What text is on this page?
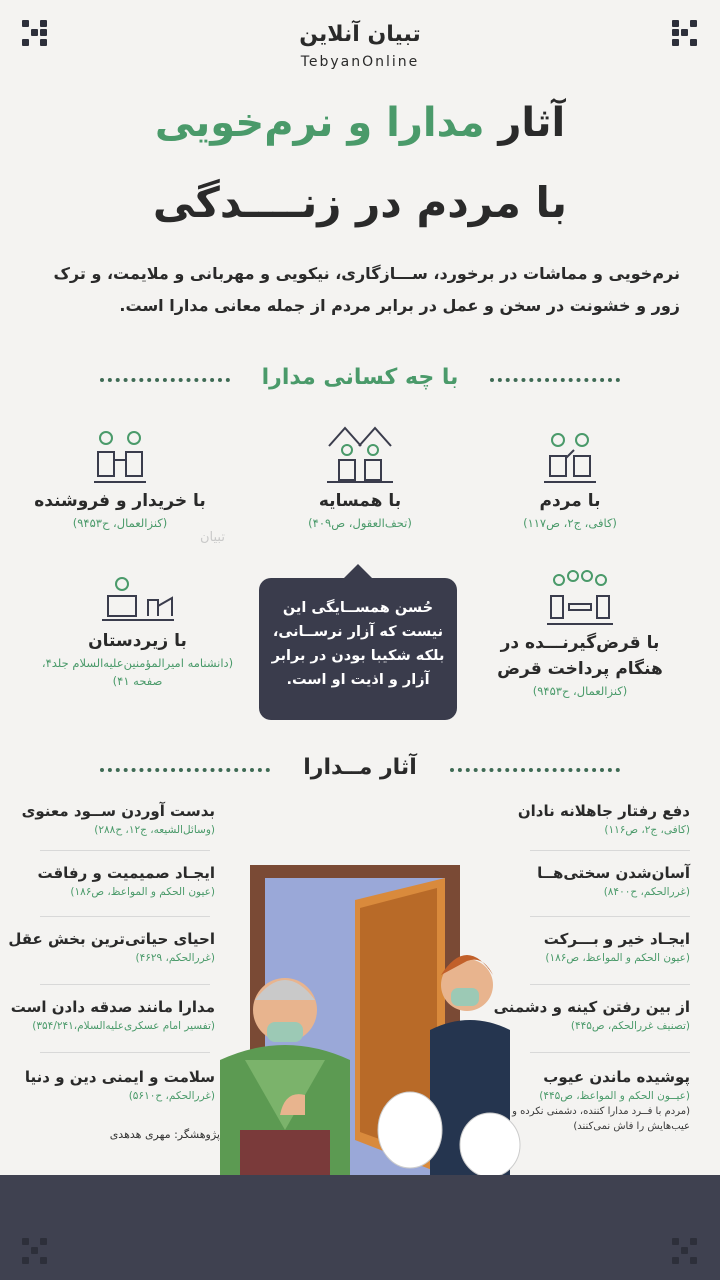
تبیان آنلاین
TebyanOnline
آثار مدارا و نرم‌خویی
با مردم در زنــــدگی
نرم‌خویی و مماشات در برخورد، ســـازگاری، نیکویی و مهربانی و ملایمت، و ترک زور و خشونت در سخن و عمل در برابر مردم از جمله معانی مدارا است.
با چه کسانی مدارا
با مردم
(کافی، ج۲، ص۱۱۷)
با همسایه
(تحف‌العقول، ص۴۰۹)
با خریدار و فروشنده
(کنزالعمال، ح۹۴۵۳)
با قرض‌گیرنـــده در هنگام پرداخت قرض
(کنزالعمال، ح۹۴۵۳)
با زیردستان
(دانشنامه امیرالمؤمنین‌علیه‌السلام جلد۴، صفحه ۴۱)
تبیان
حُسن همســایگی این نیست که آزار نرســانی، بلکه شکیبا بودن در برابر آزار و اذیت او است.
آثار مــدارا
دفع رفتار جاهلانه نادان
(کافی، ج۲، ص۱۱۶)
آسان‌شدن سختی‌هــا
(غررالحکم، ح۸۴۰۰)
ایجـاد خیر و بـــرکت
(عیون الحکم و المواعظ، ص۱۸۶)
از بین رفتن کینه و دشمنی
(تصنیف غررالحکم، ص۴۴۵)
پوشیده ماندن عیوب
(عیــون الحکم و المواعظ، ص۴۴۵)
(مردم با فــرد مدارا کننده، دشمنی نکرده و عیب‌هایش را فاش نمی‌کنند)
بدست آوردن ســود معنوی
(وسائل‌الشیعه، ج۱۲، ح۲۸۸)
ایجـاد صمیمیت و رفاقت
(عیون الحکم و المواعظ، ص۱۸۶)
احیای حیاتی‌ترین بخش عقل
(غررالحکم، ۴۶۲۹)
مدارا مانند صدقه دادن است
(تفسیر امام عسکری‌علیه‌السلام،۳۵۴/۲۴۱)
سلامت و ایمنی دین و دنیا
(غررالحکم، ح۵۶۱۰)
پژوهشگر: مهری هدهدی
